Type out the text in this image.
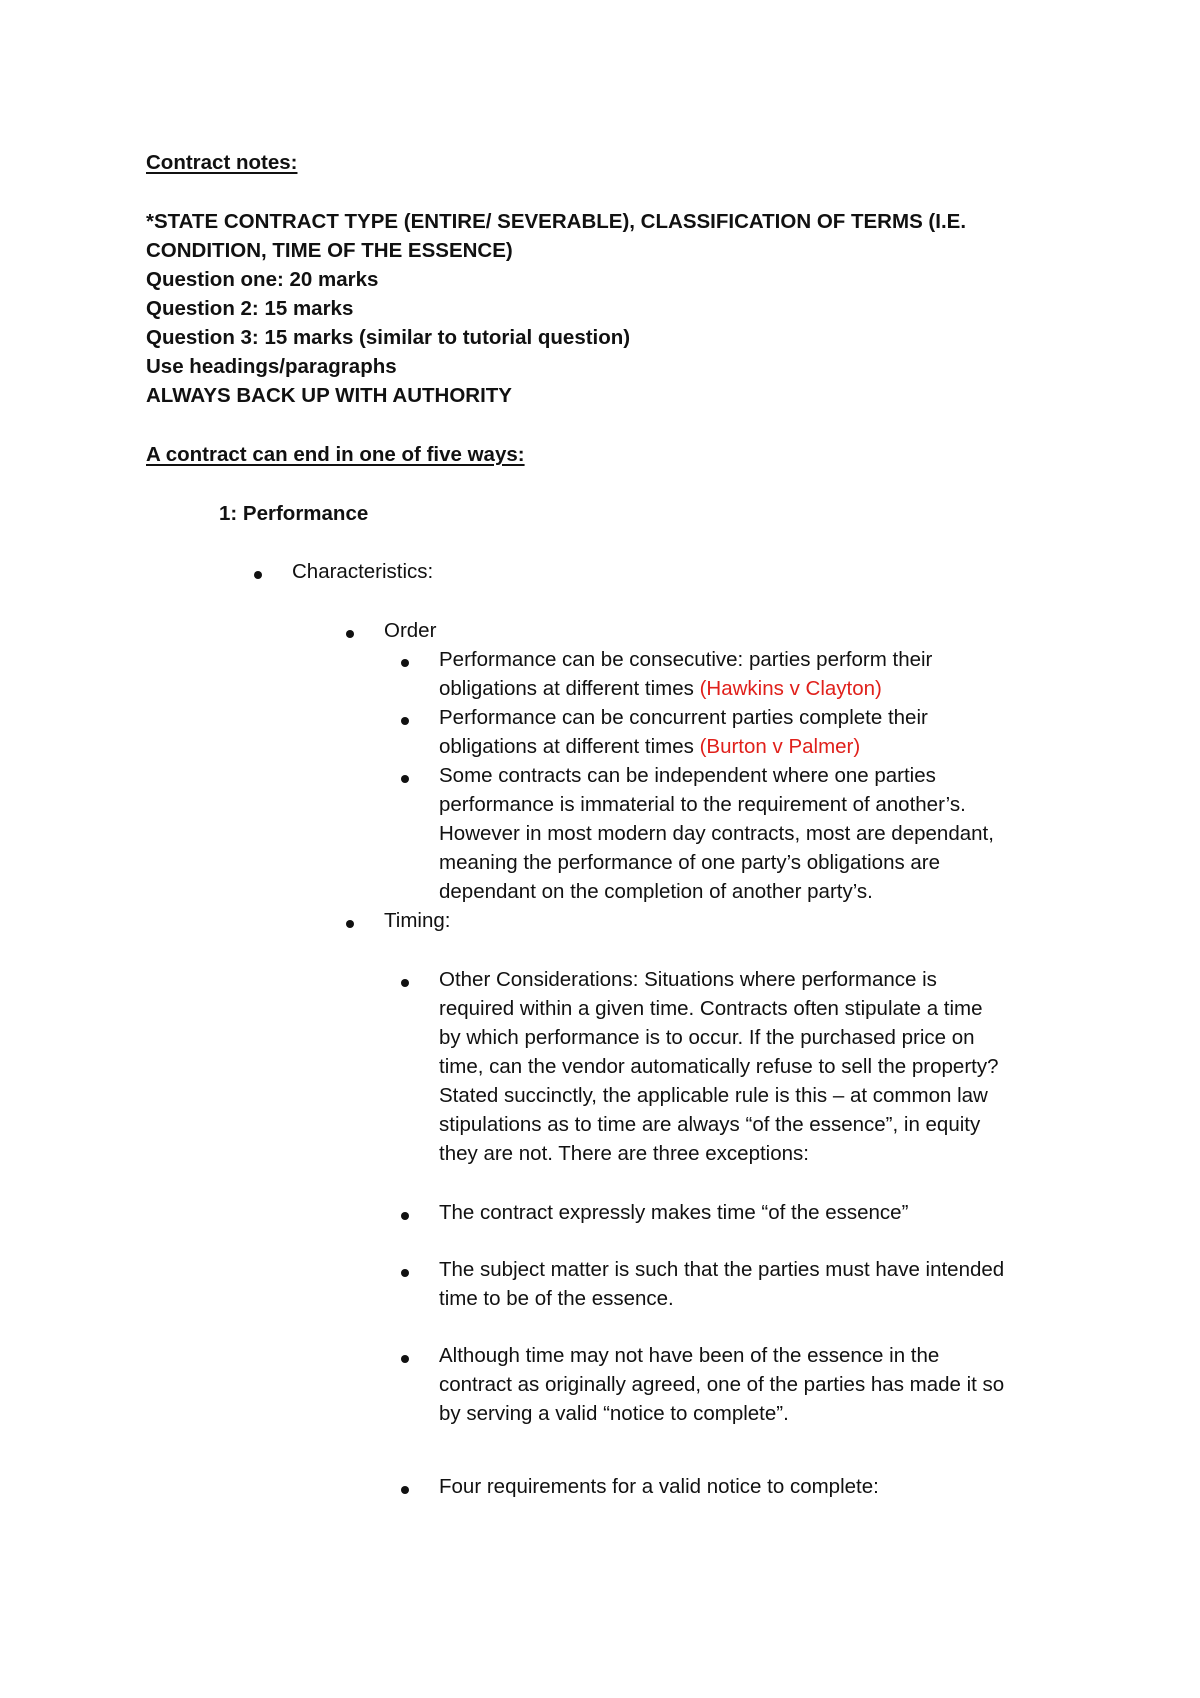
Contract notes:
*STATE CONTRACT TYPE (ENTIRE/ SEVERABLE), CLASSIFICATION OF TERMS (I.E.
CONDITION, TIME OF THE ESSENCE)
Question one: 20 marks
Question 2: 15 marks
Question 3: 15 marks (similar to tutorial question)
Use headings/paragraphs
ALWAYS BACK UP WITH AUTHORITY
A contract can end in one of five ways:
1: Performance
Characteristics:
Order
Performance can be consecutive: parties perform their
obligations at different times (Hawkins v Clayton)
Performance can be concurrent parties complete their
obligations at different times (Burton v Palmer)
Some contracts can be independent where one parties
performance is immaterial to the requirement of another’s.
However in most modern day contracts, most are dependant,
meaning the performance of one party’s obligations are
dependant on the completion of another party’s.
Timing:
Other Considerations: Situations where performance is
required within a given time. Contracts often stipulate a time
by which performance is to occur. If the purchased price on
time, can the vendor automatically refuse to sell the property?
Stated succinctly, the applicable rule is this – at common law
stipulations as to time are always “of the essence”, in equity
they are not. There are three exceptions:
The contract expressly makes time “of the essence”
The subject matter is such that the parties must have intended
time to be of the essence.
Although time may not have been of the essence in the
contract as originally agreed, one of the parties has made it so
by serving a valid “notice to complete”.
Four requirements for a valid notice to complete:
